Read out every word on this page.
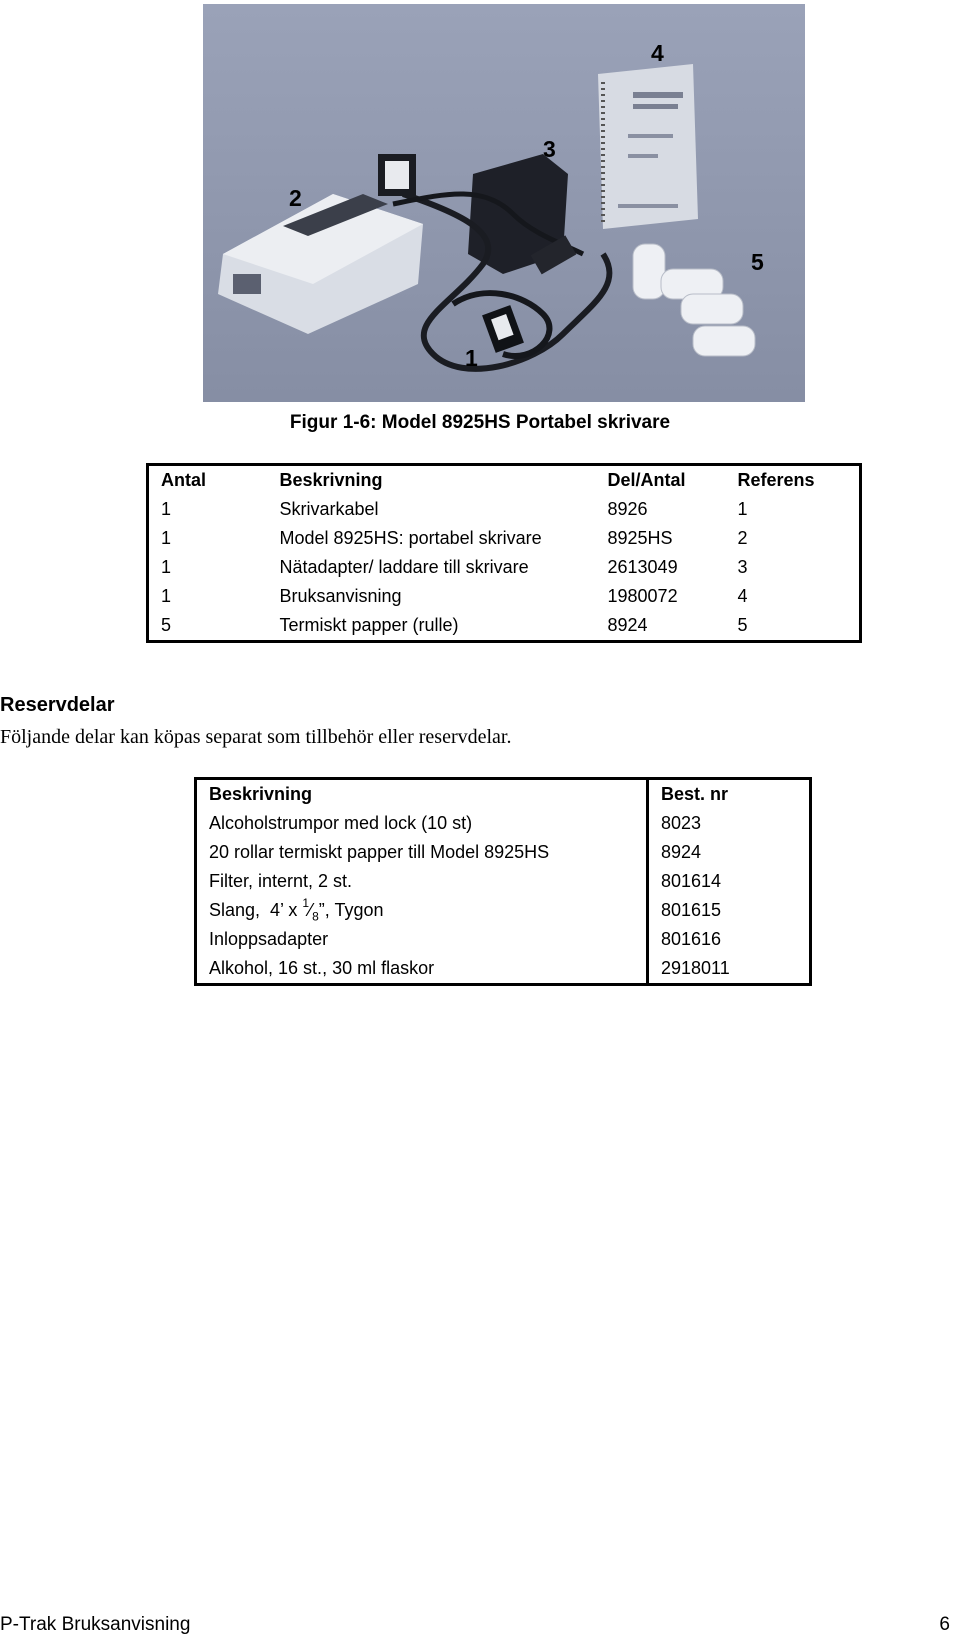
4
3
2
5
1
Figur 1-6: Model 8925HS Portabel skrivare
Antal	Beskrivning	Del/Antal	Referens
1	Skrivarkabel	8926	1
1	Model 8925HS: portabel skrivare	8925HS	2
1	Nätadapter/ laddare till skrivare	2613049	3
1	Bruksanvisning	1980072	4
5	Termiskt papper (rulle)	8924	5
Reservdelar
Följande delar kan köpas separat som tillbehör eller reservdelar.
Beskrivning	Best. nr
Alcoholstrumpor med lock (10 st)	8023
20 rollar termiskt papper till Model 8925HS	8924
Filter, internt, 2 st.	801614
Slang,  4’ x $^1⁄_8$”, Tygon	801615
Inloppsadapter	801616
Alkohol, 16 st., 30 ml flaskor	2918011
P-Trak Bruksanvisning	6
